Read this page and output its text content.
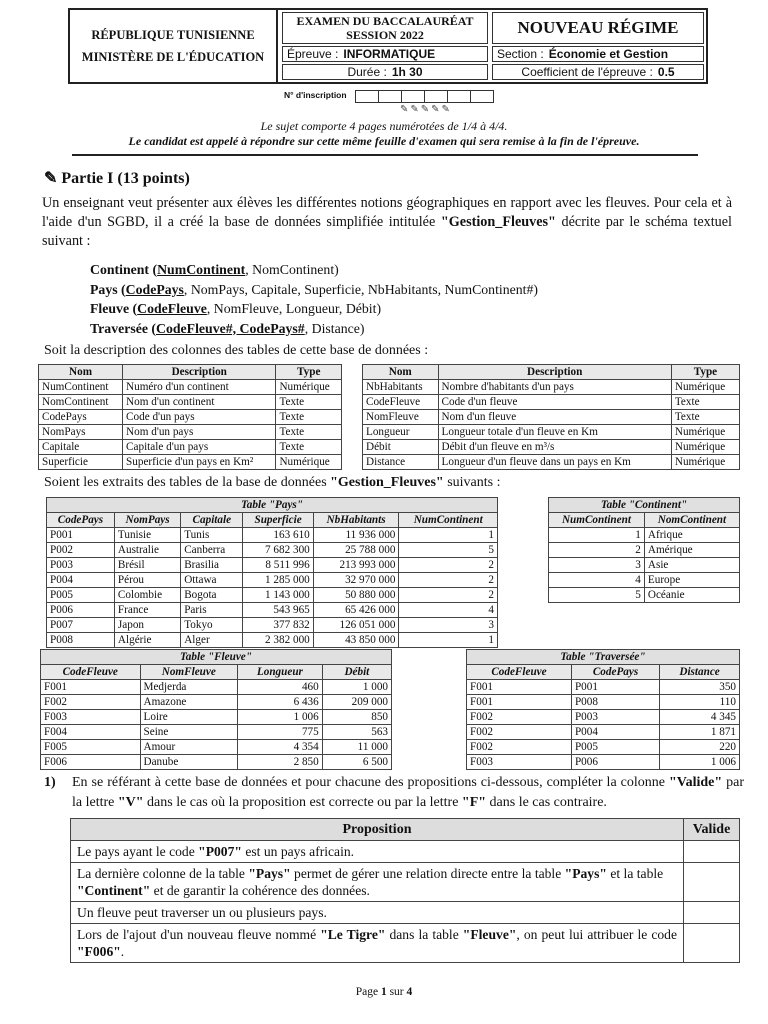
RÉPUBLIQUE TUNISIENNE
MINISTÈRE DE L'ÉDUCATION
EXAMEN DU BACCALAURÉAT
SESSION 2022	NOUVEAU RÉGIME
Épreuve : INFORMATIQUE	Section : Économie et Gestion
Durée : 1h 30	Coefficient de l'épreuve : 0.5
N° d'inscription
✎✎✎✎✎
Le sujet comporte 4 pages numérotées de 1/4 à 4/4.
Le candidat est appelé à répondre sur cette même feuille d'examen qui sera remise à la fin de l'épreuve.
✎ Partie I (13 points)
Un enseignant veut présenter aux élèves les différentes notions géographiques en rapport avec les fleuves. Pour cela et à l'aide d'un SGBD, il a créé la base de données simplifiée intitulée "Gestion_Fleuves" décrite par le schéma textuel suivant :
Continent (NumContinent, NomContinent)
Pays (CodePays, NomPays, Capitale, Superficie, NbHabitants, NumContinent#)
Fleuve (CodeFleuve, NomFleuve, Longueur, Débit)
Traversée (CodeFleuve#, CodePays#, Distance)
Soit la description des colonnes des tables de cette base de données :
Nom	Description	Type
NumContinent	Numéro d'un continent	Numérique
NomContinent	Nom d'un continent	Texte
CodePays	Code d'un pays	Texte
NomPays	Nom d'un pays	Texte
Capitale	Capitale d'un pays	Texte
Superficie	Superficie d'un pays en Km²	Numérique
Nom	Description	Type
NbHabitants	Nombre d'habitants d'un pays	Numérique
CodeFleuve	Code d'un fleuve	Texte
NomFleuve	Nom d'un fleuve	Texte
Longueur	Longueur totale d'un fleuve en Km	Numérique
Débit	Débit d'un fleuve en m³/s	Numérique
Distance	Longueur d'un fleuve dans un pays en Km	Numérique
Soient les extraits des tables de la base de données "Gestion_Fleuves" suivants :
Table "Pays"					
CodePays	NomPays	Capitale	Superficie	NbHabitants	NumContinent
P001	Tunisie	Tunis	163 610	11 936 000	1
P002	Australie	Canberra	7 682 300	25 788 000	5
P003	Brésil	Brasilia	8 511 996	213 993 000	2
P004	Pérou	Ottawa	1 285 000	32 970 000	2
P005	Colombie	Bogota	1 143 000	50 880 000	2
P006	France	Paris	543 965	65 426 000	4
P007	Japon	Tokyo	377 832	126 051 000	3
P008	Algérie	Alger	2 382 000	43 850 000	1
Table "Continent"	
NumContinent	NomContinent
1	Afrique
2	Amérique
3	Asie
4	Europe
5	Océanie
Table "Fleuve"			
CodeFleuve	NomFleuve	Longueur	Débit
F001	Medjerda	460	1 000
F002	Amazone	6 436	209 000
F003	Loire	1 006	850
F004	Seine	775	563
F005	Amour	4 354	11 000
F006	Danube	2 850	6 500
Table "Traversée"		
CodeFleuve	CodePays	Distance
F001	P001	350
F001	P008	110
F002	P003	4 345
F002	P004	1 871
F002	P005	220
F003	P006	1 006
1) En se référant à cette base de données et pour chacune des propositions ci-dessous, compléter la colonne "Valide" par la lettre "V" dans le cas où la proposition est correcte ou par la lettre "F" dans le cas contraire.
Proposition	Valide
Le pays ayant le code "P007" est un pays africain.	
La dernière colonne de la table "Pays" permet de gérer une relation directe entre la table "Pays" et la table "Continent" et de garantir la cohérence des données.	
Un fleuve peut traverser un ou plusieurs pays.	
Lors de l'ajout d'un nouveau fleuve nommé "Le Tigre" dans la table "Fleuve", on peut lui attribuer le code "F006".	
Page 1 sur 4
